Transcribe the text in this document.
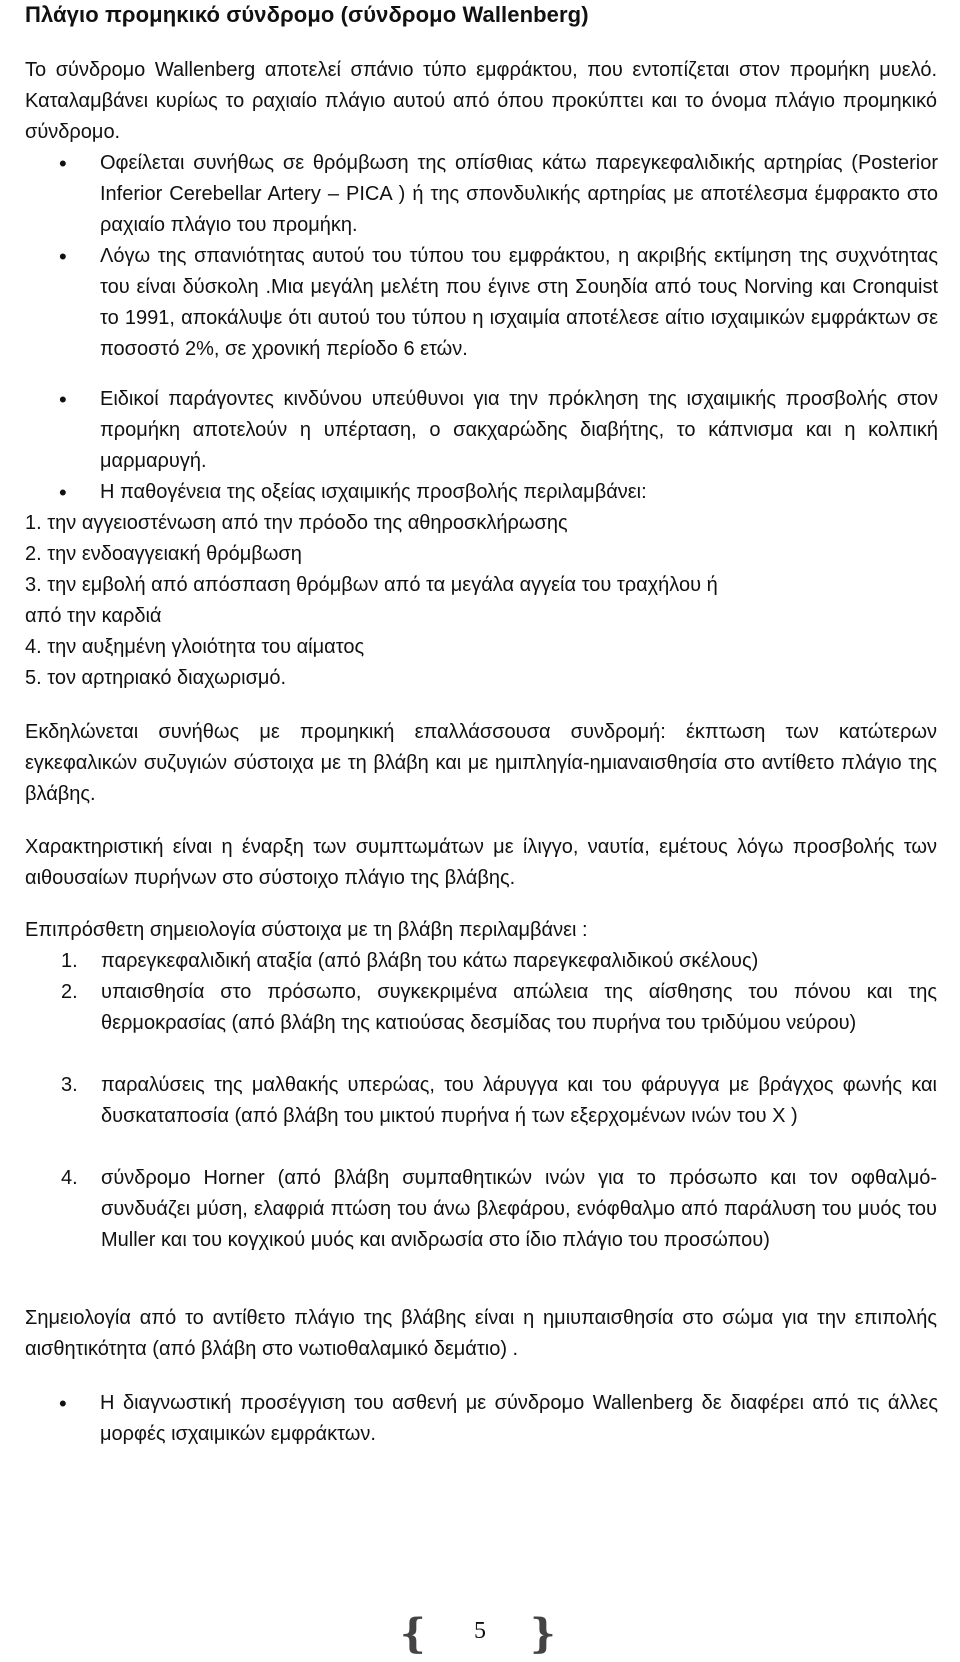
Πλάγιο προμηκικό σύνδρομο (σύνδρομο Wallenberg)
Το σύνδρομο Wallenberg αποτελεί σπάνιο τύπο εμφράκτου, που εντοπίζεται στον προμήκη μυελό. Καταλαμβάνει κυρίως το ραχιαίο πλάγιο αυτού από όπου προκύπτει και το όνομα πλάγιο προμηκικό σύνδρομο.
• Οφείλεται συνήθως σε θρόμβωση της οπίσθιας κάτω παρεγκεφαλιδικής αρτηρίας (Posterior Inferior Cerebellar Artery – PICA ) ή της σπονδυλικής αρτηρίας με αποτέλεσμα έμφρακτο στο ραχιαίο πλάγιο του προμήκη.
• Λόγω της σπανιότητας αυτού του τύπου του εμφράκτου, η ακριβής εκτίμηση της συχνότητας του είναι δύσκολη .Μια μεγάλη μελέτη που έγινε στη Σουηδία από τους Norving και Cronquist το 1991, αποκάλυψε ότι αυτού του τύπου η ισχαιμία αποτέλεσε αίτιο ισχαιμικών εμφράκτων σε ποσοστό 2%, σε χρονική περίοδο 6 ετών.
• Ειδικοί παράγοντες κινδύνου υπεύθυνοι για την πρόκληση της ισχαιμικής προσβολής στον προμήκη αποτελούν η υπέρταση, ο σακχαρώδης διαβήτης, το κάπνισμα και η κολπική μαρμαρυγή.
• Η παθογένεια της οξείας ισχαιμικής προσβολής περιλαμβάνει:
1. την αγγειοστένωση από την πρόοδο της αθηροσκλήρωσης
2. την ενδοαγγειακή θρόμβωση
3. την εμβολή από απόσπαση θρόμβων από τα μεγάλα αγγεία του τραχήλου ή
από την καρδιά
4. την αυξημένη γλοιότητα του αίματος
5. τον αρτηριακό διαχωρισμό.
Εκδηλώνεται συνήθως με προμηκική επαλλάσσουσα συνδρομή: έκπτωση των κατώτερων εγκεφαλικών συζυγιών σύστοιχα με τη βλάβη και με ημιπληγία-ημιαναισθησία στο αντίθετο πλάγιο της βλάβης.
Χαρακτηριστική είναι η έναρξη των συμπτωμάτων με ίλιγγο, ναυτία, εμέτους λόγω προσβολής των αιθουσαίων πυρήνων στο σύστοιχο πλάγιο της βλάβης.
Επιπρόσθετη σημειολογία σύστοιχα με τη βλάβη περιλαμβάνει :
1. παρεγκεφαλιδική αταξία (από βλάβη του κάτω παρεγκεφαλιδικού σκέλους)
2. υπαισθησία στο πρόσωπο, συγκεκριμένα απώλεια της αίσθησης του πόνου και της θερμοκρασίας (από βλάβη της κατιούσας δεσμίδας του πυρήνα του τριδύμου νεύρου)
3. παραλύσεις της μαλθακής υπερώας, του λάρυγγα και του φάρυγγα με βράγχος φωνής και δυσκαταποσία (από βλάβη του μικτού πυρήνα ή των εξερχομένων ινών του Χ )
4. σύνδρομο Horner (από βλάβη συμπαθητικών ινών για το πρόσωπο και τον οφθαλμό-συνδυάζει μύση, ελαφριά πτώση του άνω βλεφάρου, ενόφθαλμο από παράλυση του μυός του Muller και του κογχικού μυός και ανιδρωσία στο ίδιο πλάγιο του προσώπου)
Σημειολογία από το αντίθετο πλάγιο της βλάβης είναι η ημιυπαισθησία στο σώμα για την επιπολής αισθητικότητα (από βλάβη στο νωτιοθαλαμικό δεμάτιο) .
• Η διαγνωστική προσέγγιση του ασθενή με σύνδρομο Wallenberg δε διαφέρει από τις άλλες μορφές ισχαιμικών εμφράκτων.
{	5	}
